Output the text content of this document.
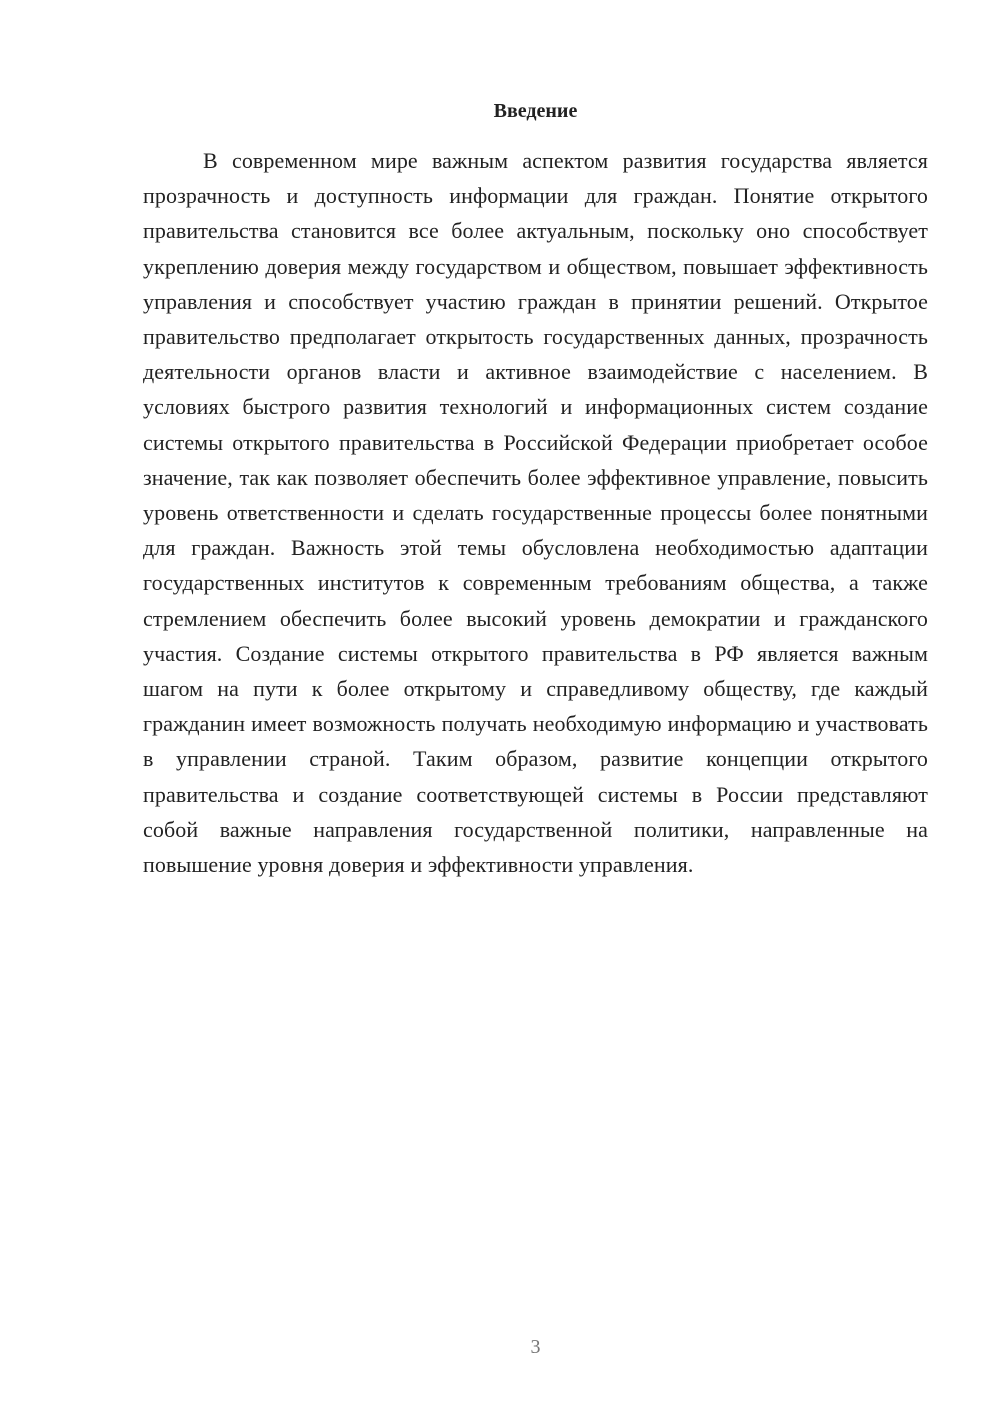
Введение

В современном мире важным аспектом развития государства является прозрачность и доступность информации для граждан. Понятие открытого правительства становится все более актуальным, поскольку оно способствует укреплению доверия между государством и обществом, повышает эффективность управления и способствует участию граждан в принятии решений. Открытое правительство предполагает открытость государственных данных, прозрачность деятельности органов власти и активное взаимодействие с населением. В условиях быстрого развития технологий и информационных систем создание системы открытого правительства в Российской Федерации приобретает особое значение, так как позволяет обеспечить более эффективное управление, повысить уровень ответственности и сделать государственные процессы более понятными для граждан. Важность этой темы обусловлена необходимостью адаптации государственных институтов к современным требованиям общества, а также стремлением обеспечить более высокий уровень демократии и гражданского участия. Создание системы открытого правительства в РФ является важным шагом на пути к более открытому и справедливому обществу, где каждый гражданин имеет возможность получать необходимую информацию и участвовать в управлении страной. Таким образом, развитие концепции открытого правительства и создание соответствующей системы в России представляют собой важные направления государственной политики, направленные на повышение уровня доверия и эффективности управления.

3
